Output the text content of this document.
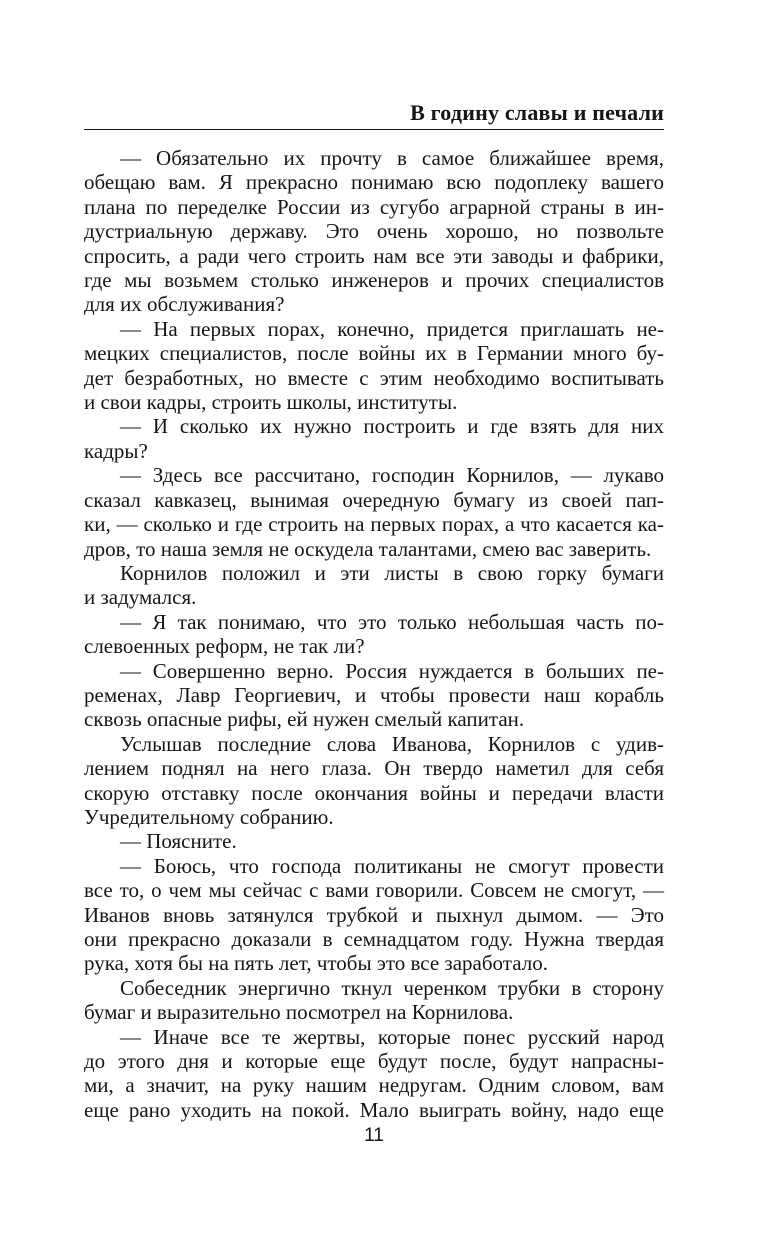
В годину славы и печали

— Обязательно их прочту в самое ближайшее время,

обещаю вам. Я прекрасно понимаю всю подоплеку вашего

плана по переделке России из сугубо аграрной страны в ин-

дустриальную державу. Это очень хорошо, но позвольте

спросить, а ради чего строить нам все эти заводы и фабрики,

где мы возьмем столько инженеров и прочих специалистов

для их обслуживания?

— На первых порах, конечно, придется приглашать не-

мецких специалистов, после войны их в Германии много бу-

дет безработных, но вместе с этим необходимо воспитывать

и свои кадры, строить школы, институты.

— И сколько их нужно построить и где взять для них

кадры?

— Здесь все рассчитано, господин Корнилов, — лукаво

сказал кавказец, вынимая очередную бумагу из своей пап-

ки, — сколько и где строить на первых порах, а что касается ка-

дров, то наша земля не оскудела талантами, смею вас заверить.

Корнилов положил и эти листы в свою горку бумаги

и задумался.

— Я так понимаю, что это только небольшая часть по-

слевоенных реформ, не так ли?

— Совершенно верно. Россия нуждается в больших пе-

ременах, Лавр Георгиевич, и чтобы провести наш корабль

сквозь опасные рифы, ей нужен смелый капитан.

Услышав последние слова Иванова, Корнилов с удив-

лением поднял на него глаза. Он твердо наметил для себя

скорую отставку после окончания войны и передачи власти

Учредительному собранию.

— Поясните.

— Боюсь, что господа политиканы не смогут провести

все то, о чем мы сейчас с вами говорили. Совсем не смогут, —

Иванов вновь затянулся трубкой и пыхнул дымом. — Это

они прекрасно доказали в семнадцатом году. Нужна твердая

рука, хотя бы на пять лет, чтобы это все заработало.

Собеседник энергично ткнул черенком трубки в сторону

бумаг и выразительно посмотрел на Корнилова.

— Иначе все те жертвы, которые понес русский народ

до этого дня и которые еще будут после, будут напрасны-

ми, а значит, на руку нашим недругам. Одним словом, вам

еще рано уходить на покой. Мало выиграть войну, надо еще

11
